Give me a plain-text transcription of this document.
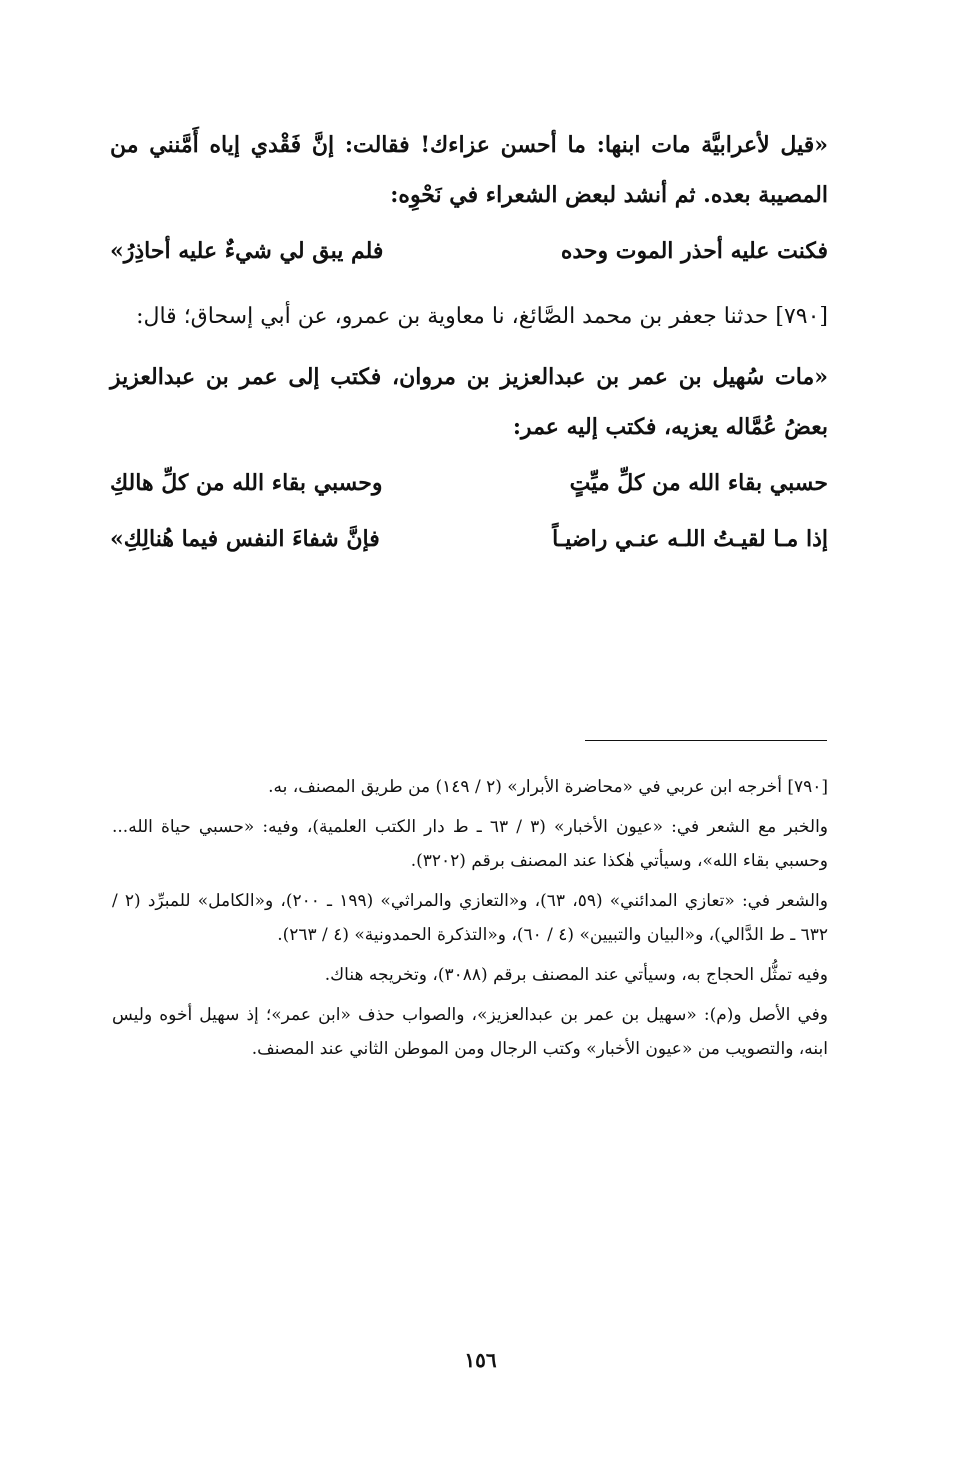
«قيل لأعرابيَّة مات ابنها: ما أحسن عزاءك! فقالت: إنَّ فَقْدي إياه أَمَّنني من المصيبة بعده. ثم أنشد لبعض الشعراء في نَحْوِه:

فكنت عليه أحذر الموت وحده
فلم يبق لي شيءٌ عليه أحاذِرُ»

[٧٩٠] حدثنا جعفر بن محمد الصَّائغ، نا معاوية بن عمرو، عن أبي إسحاق؛ قال:

«مات سُهيل بن عمر بن عبدالعزيز بن مروان، فكتب إلى عمر بن عبدالعزيز بعضُ عُمَّاله يعزيه، فكتب إليه عمر:

حسبي بقاء الله من كلِّ ميِّتٍ
وحسبي بقاء الله من كلِّ هالكِ
إذا مـا لقيـتُ اللـه عنـي راضيـاً
فإنَّ شفاءَ النفس فيما هُنالِكِ»

[٧٩٠] أخرجه ابن عربي في «محاضرة الأبرار» (٢ / ١٤٩) من طريق المصنف، به.

والخبر مع الشعر في: «عيون الأخبار» (٣ / ٦٣ ـ ط دار الكتب العلمية)، وفيه: «حسبي حياة الله... وحسبي بقاء الله»، وسيأتي هٰكذا عند المصنف برقم (٣٢٠٢).

والشعر في: «تعازي المدائني» (٥٩، ٦٣)، و«التعازي والمراثي» (١٩٩ ـ ٢٠٠)، و«الكامل» للمبرِّد (٢ / ٦٣٢ ـ ط الدَّالي)، و«البيان والتبيين» (٤ / ٦٠)، و«التذكرة الحمدونية» (٤ / ٢٦٣).

وفيه تمثُّل الحجاج به، وسيأتي عند المصنف برقم (٣٠٨٨)، وتخريجه هناك.

وفي الأصل و(م): «سهيل بن عمر بن عبدالعزيز»، والصواب حذف «ابن عمر»؛ إذ سهيل أخوه وليس ابنه، والتصويب من «عيون الأخبار» وكتب الرجال ومن الموطن الثاني عند المصنف.

١٥٦
